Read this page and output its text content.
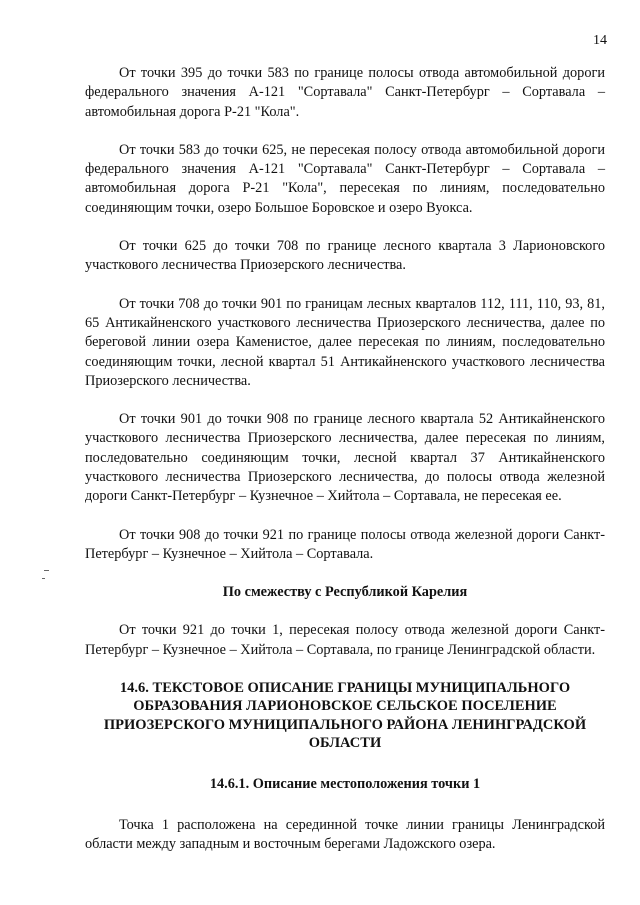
14

От точки 395 до точки 583 по границе полосы отвода автомобильной дороги федерального значения А-121 "Сортавала" Санкт-Петербург – Сортавала – автомобильная дорога Р-21 "Кола".

От точки 583 до точки 625, не пересекая полосу отвода автомобильной дороги федерального значения А-121 "Сортавала" Санкт-Петербург – Сортавала – автомобильная дорога Р-21 "Кола", пересекая по линиям, последовательно соединяющим точки, озеро Большое Боровское и озеро Вуокса.

От точки 625 до точки 708 по границе лесного квартала 3 Ларионовского участкового лесничества Приозерского лесничества.

От точки 708 до точки 901 по границам лесных кварталов 112, 111, 110, 93, 81, 65 Антикайненского участкового лесничества Приозерского лесничества, далее по береговой линии озера Каменистое, далее пересекая по линиям, последовательно соединяющим точки, лесной квартал 51 Антикайненского участкового лесничества Приозерского лесничества.

От точки 901 до точки 908 по границе лесного квартала 52 Антикайненского участкового лесничества Приозерского лесничества, далее пересекая по линиям, последовательно соединяющим точки, лесной квартал 37 Антикайненского участкового лесничества Приозерского лесничества, до полосы отвода железной дороги Санкт-Петербург – Кузнечное – Хийтола – Сортавала, не пересекая ее.

От точки 908 до точки 921 по границе полосы отвода железной дороги Санкт-Петербург – Кузнечное – Хийтола – Сортавала.

По смежеству с Республикой Карелия

От точки 921 до точки 1, пересекая полосу отвода железной дороги Санкт-Петербург – Кузнечное – Хийтола – Сортавала, по границе Ленинградской области.

14.6. ТЕКСТОВОЕ ОПИСАНИЕ ГРАНИЦЫ МУНИЦИПАЛЬНОГО ОБРАЗОВАНИЯ ЛАРИОНОВСКОЕ СЕЛЬСКОЕ ПОСЕЛЕНИЕ ПРИОЗЕРСКОГО МУНИЦИПАЛЬНОГО РАЙОНА ЛЕНИНГРАДСКОЙ ОБЛАСТИ
14.6.1. Описание местоположения точки 1

Точка 1 расположена на серединной точке линии границы Ленинградской области между западным и восточным берегами Ладожского озера.
